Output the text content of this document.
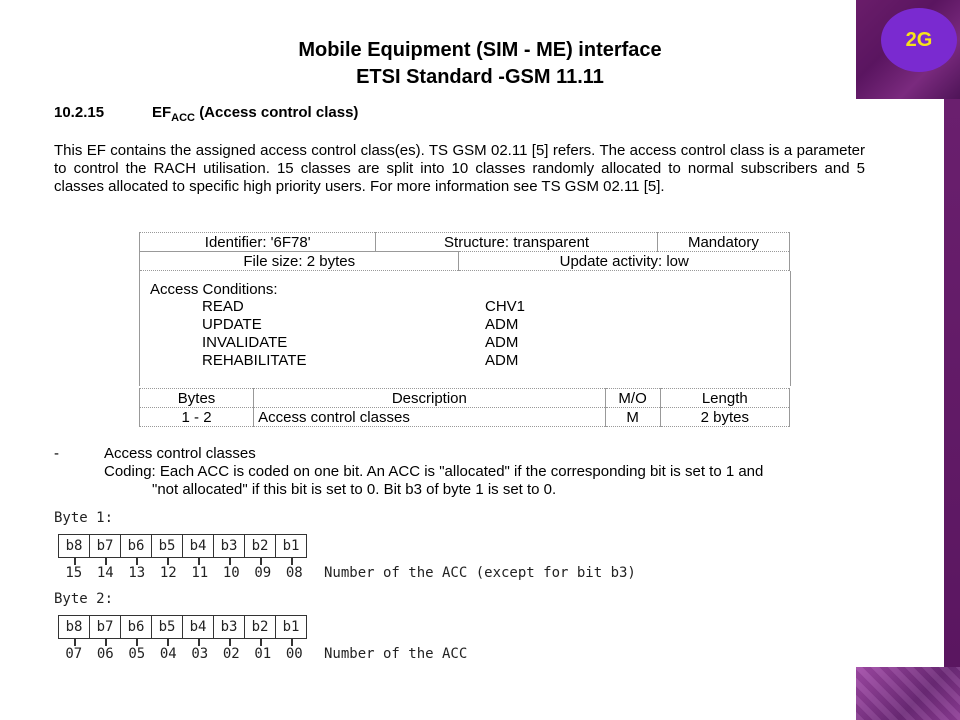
2G
Mobile Equipment (SIM - ME) interface
ETSI Standard -GSM 11.11
10.2.15	$EF_{ACC}$ (Access control class)
This EF contains the assigned access control class(es). TS GSM 02.11 [5] refers. The access control class is a parameter to control the RACH utilisation. 15 classes are split into 10 classes randomly allocated to normal subscribers and 5 classes allocated to specific high priority users. For more information see TS GSM 02.11 [5].
Identifier: '6F78'	Structure: transparent	Mandatory
File size: 2 bytes	Update activity: low
Access Conditions:
READ	CHV1
UPDATE	ADM
INVALIDATE	ADM
REHABILITATE	ADM
Bytes	Description	M/O	Length
1 - 2	Access control classes	M	2 bytes
-	Access control classes
Coding: Each ACC is coded on one bit. An ACC is "allocated" if the corresponding bit is set to 1 and
"not allocated" if this bit is set to 0. Bit b3 of byte 1 is set to 0.
Byte 1:
b8	b7	b6	b5	b4	b3	b2	b1
15	14	13	12	11	10	09	08	Number of the ACC (except for bit b3)
Byte 2:
b8	b7	b6	b5	b4	b3	b2	b1
07	06	05	04	03	02	01	00	Number of the ACC
